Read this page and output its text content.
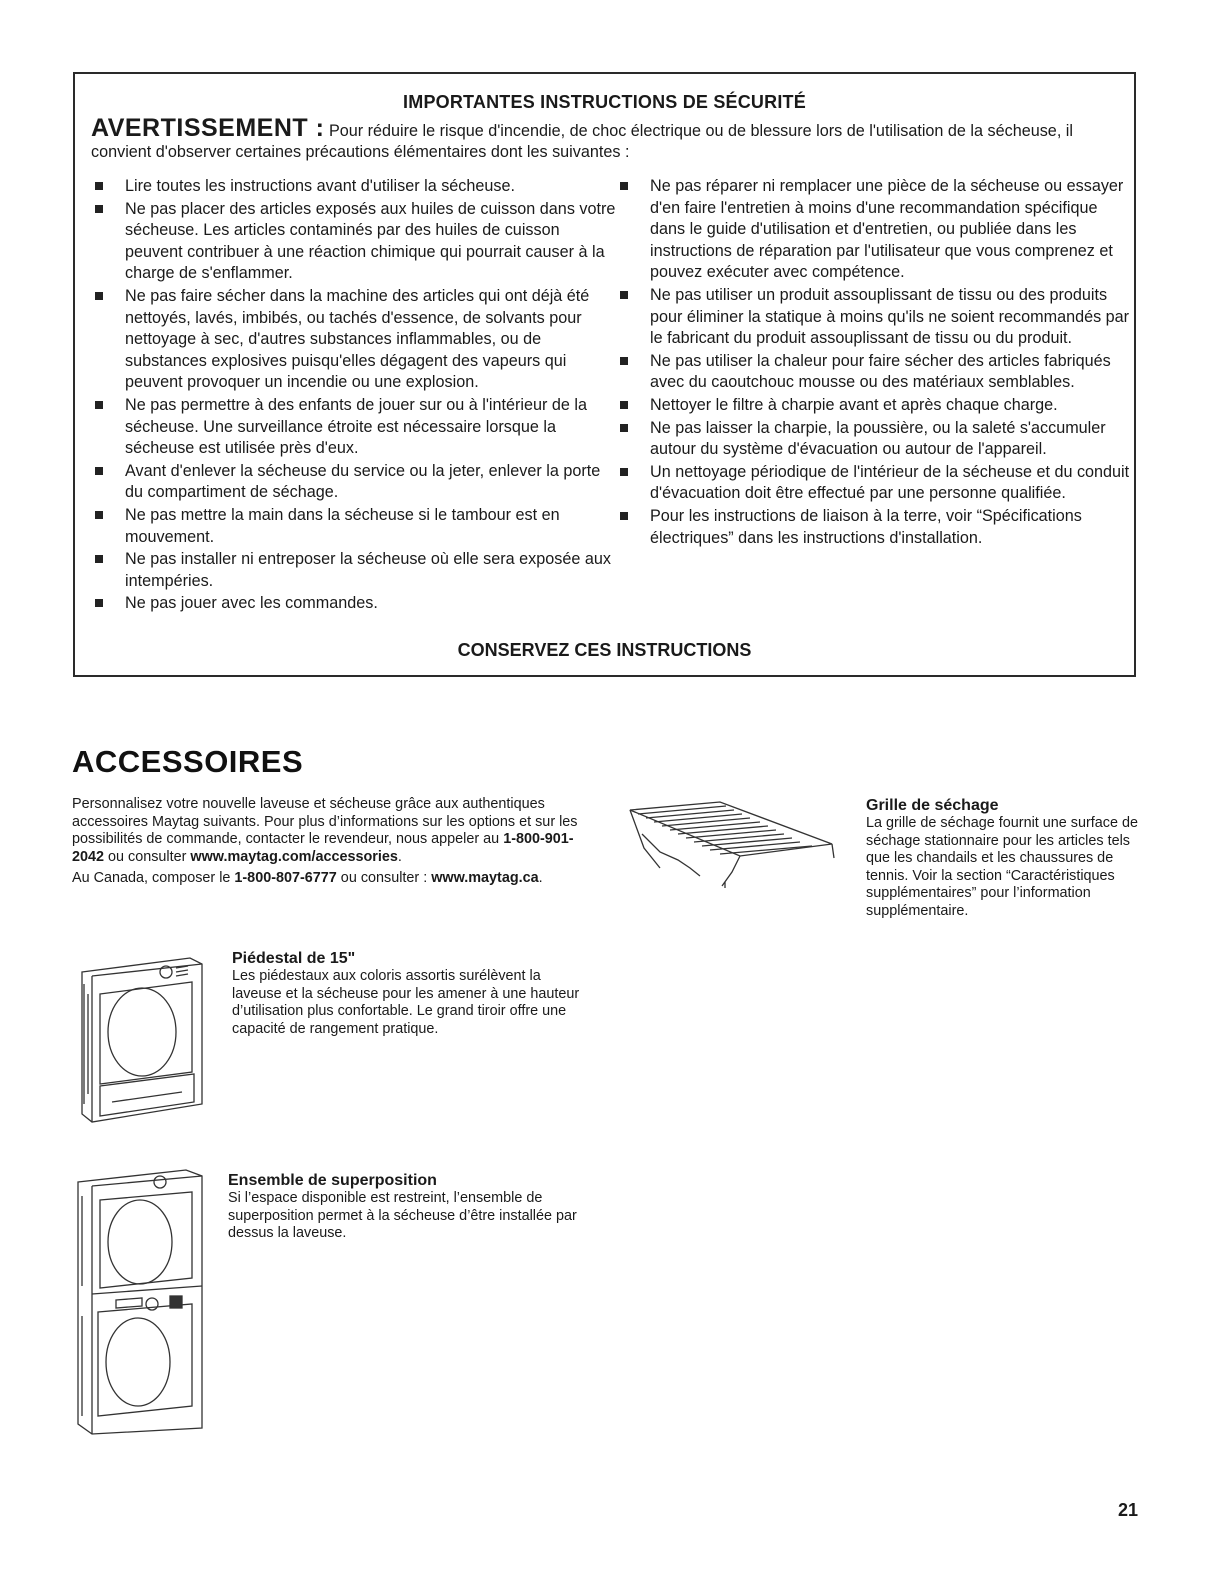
IMPORTANTES INSTRUCTIONS DE SÉCURITÉ
AVERTISSEMENT : Pour réduire le risque d'incendie, de choc électrique ou de blessure lors de l'utilisation de la sécheuse, il convient d'observer certaines précautions élémentaires dont les suivantes :
Lire toutes les instructions avant d'utiliser la sécheuse.
Ne pas placer des articles exposés aux huiles de cuisson dans votre sécheuse. Les articles contaminés par des huiles de cuisson peuvent contribuer à une réaction chimique qui pourrait causer à la charge de s'enflammer.
Ne pas faire sécher dans la machine des articles qui ont déjà été nettoyés, lavés, imbibés, ou tachés d'essence, de solvants pour nettoyage à sec, d'autres substances inflammables, ou de substances explosives puisqu'elles dégagent des vapeurs qui peuvent provoquer un incendie ou une explosion.
Ne pas permettre à des enfants de jouer sur ou à l'intérieur de la sécheuse. Une surveillance étroite est nécessaire lorsque la sécheuse est utilisée près d'eux.
Avant d'enlever la sécheuse du service ou la jeter, enlever la porte du compartiment de séchage.
Ne pas mettre la main dans la sécheuse si le tambour est en mouvement.
Ne pas installer ni entreposer la sécheuse où elle sera exposée aux intempéries.
Ne pas jouer avec les commandes.
Ne pas réparer ni remplacer une pièce de la sécheuse ou essayer d'en faire l'entretien à moins d'une recommandation spécifique dans le guide d'utilisation et d'entretien, ou publiée dans les instructions de réparation par l'utilisateur que vous comprenez et pouvez exécuter avec compétence.
Ne pas utiliser un produit assouplissant de tissu ou des produits pour éliminer la statique à moins qu'ils ne soient recommandés par le fabricant du produit assouplissant de tissu ou du produit.
Ne pas utiliser la chaleur pour faire sécher des articles fabriqués avec du caoutchouc mousse ou des matériaux semblables.
Nettoyer le filtre à charpie avant et après chaque charge.
Ne pas laisser la charpie, la poussière, ou la saleté s'accumuler autour du système d'évacuation ou autour de l'appareil.
Un nettoyage périodique de l'intérieur de la sécheuse et du conduit d'évacuation doit être effectué par une personne qualifiée.
Pour les instructions de liaison à la terre, voir “Spécifications électriques” dans les instructions d'installation.
CONSERVEZ CES INSTRUCTIONS
ACCESSOIRES

Personnalisez votre nouvelle laveuse et sécheuse grâce aux authentiques accessoires Maytag suivants. Pour plus d’informations sur les options et sur les possibilités de commande, contacter le revendeur, nous appeler au 1-800-901-2042 ou consulter www.maytag.com/accessories.

Au Canada, composer le 1-800-807-6777 ou consulter : www.maytag.ca.

Piédestal de 15"
Les piédestaux aux coloris assortis surélèvent la laveuse et la sécheuse pour les amener à une hauteur d’utilisation plus confortable. Le grand tiroir offre une capacité de rangement pratique.
Ensemble de superposition
Si l’espace disponible est restreint, l’ensemble de superposition permet à la sécheuse d’être installée par dessus la laveuse.
Grille de séchage
La grille de séchage fournit une surface de séchage stationnaire pour les articles tels que les chandails et les chaussures de tennis. Voir la section “Caractéristiques supplémentaires” pour l’information supplémentaire.
21
